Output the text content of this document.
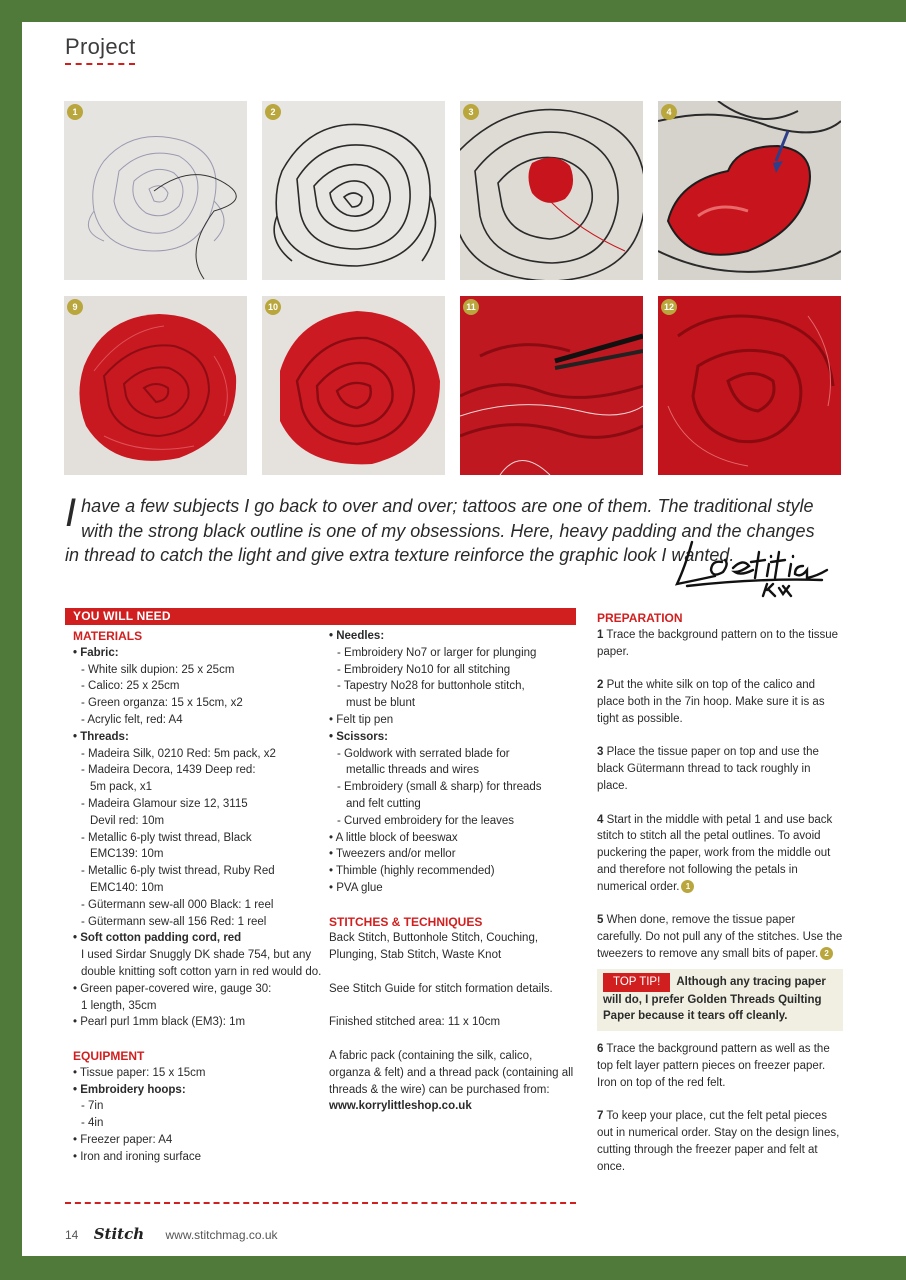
Project
1	2	3	4
9	10	11	12
Ihave a few subjects I go back to over and over; tattoos are one of them. The traditional style with the strong black outline is one of my obsessions. Here, heavy padding and the changes in thread to catch the light and give extra texture reinforce the graphic look I wanted.
YOU WILL NEED
MATERIALS
• Fabric:
- White silk dupion: 25 x 25cm
- Calico: 25 x 25cm
- Green organza: 15 x 15cm, x2
- Acrylic felt, red: A4
• Threads:
- Madeira Silk, 0210 Red: 5m pack, x2
- Madeira Decora, 1439 Deep red:
5m pack, x1
- Madeira Glamour size 12, 3115
Devil red: 10m
- Metallic 6-ply twist thread, Black
EMC139: 10m
- Metallic 6-ply twist thread, Ruby Red
EMC140: 10m
- Gütermann sew-all 000 Black: 1 reel
- Gütermann sew-all 156 Red: 1 reel
• Soft cotton padding cord, red
I used Sirdar Snuggly DK shade 754, but any double knitting soft cotton yarn in red would do.
• Green paper-covered wire, gauge 30:
1 length, 35cm
• Pearl purl 1mm black (EM3): 1m
EQUIPMENT
• Tissue paper: 15 x 15cm
• Embroidery hoops:
- 7in
- 4in
• Freezer paper: A4
• Iron and ironing surface
• Needles:
- Embroidery No7 or larger for plunging
- Embroidery No10 for all stitching
- Tapestry No28 for buttonhole stitch,
must be blunt
• Felt tip pen
• Scissors:
- Goldwork with serrated blade for
metallic threads and wires
- Embroidery (small & sharp) for threads
and felt cutting
- Curved embroidery for the leaves
• A little block of beeswax
• Tweezers and/or mellor
• Thimble (highly recommended)
• PVA glue
STITCHES & TECHNIQUES
Back Stitch, Buttonhole Stitch, Couching, Plunging, Stab Stitch, Waste Knot
See Stitch Guide for stitch formation details.
Finished stitched area: 11 x 10cm
A fabric pack (containing the silk, calico, organza & felt) and a thread pack (containing all threads & the wire) can be purchased from:
www.korrylittleshop.co.uk
PREPARATION
1 Trace the background pattern on to the tissue paper.
2 Put the white silk on top of the calico and place both in the 7in hoop. Make sure it is as tight as possible.
3 Place the tissue paper on top and use the black Gütermann thread to tack roughly in place.
4 Start in the middle with petal 1 and use back stitch to stitch all the petal outlines. To avoid puckering the paper, work from the middle out and therefore not following the petals in numerical order. 1
5 When done, remove the tissue paper carefully. Do not pull any of the stitches. Use the tweezers to remove any small bits of paper. 2
TOP TIP! Although any tracing paper will do, I prefer Golden Threads Quilting Paper because it tears off cleanly.
6 Trace the background pattern as well as the top felt layer pattern pieces on freezer paper. Iron on top of the red felt.
7 To keep your place, cut the felt petal pieces out in numerical order. Stay on the design lines, cutting through the freezer paper and felt at once.
14 Stitch www.stitchmag.co.uk
